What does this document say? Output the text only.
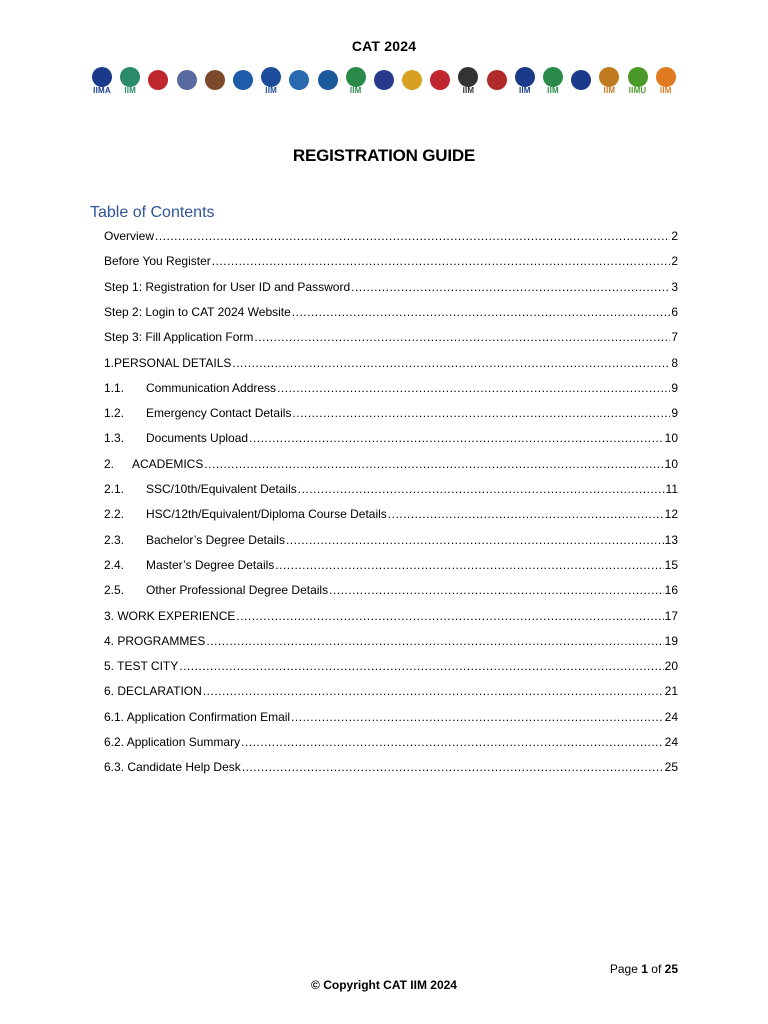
CAT 2024
IIMA IIM	IIM	IIM	IIM	IIM IIM	IIM IIMU IIM
REGISTRATION GUIDE
Table of Contents
Overview .....	2
Before You Register .....	2
Step 1: Registration for User ID and Password .....	3
Step 2: Login to CAT 2024 Website .....	6
Step 3: Fill Application Form .....	7
1.PERSONAL DETAILS .....	8
1.1.	Communication Address .....	9
1.2.	Emergency Contact Details .....	9
1.3.	Documents Upload .....	10
2.	ACADEMICS .....	10
2.1.	SSC/10th/Equivalent Details .....	11
2.2.	HSC/12th/Equivalent/Diploma Course Details .....	12
2.3.	Bachelor’s Degree Details .....	13
2.4.	Master’s Degree Details .....	15
2.5.	Other Professional Degree Details .....	16
3. WORK EXPERIENCE .....	17
4. PROGRAMMES .....	19
5. TEST CITY .....	20
6. DECLARATION .....	21
6.1. Application Confirmation Email .....	24
6.2. Application Summary .....	24
6.3. Candidate Help Desk .....	25
Page 1 of 25
© Copyright CAT IIM 2024
